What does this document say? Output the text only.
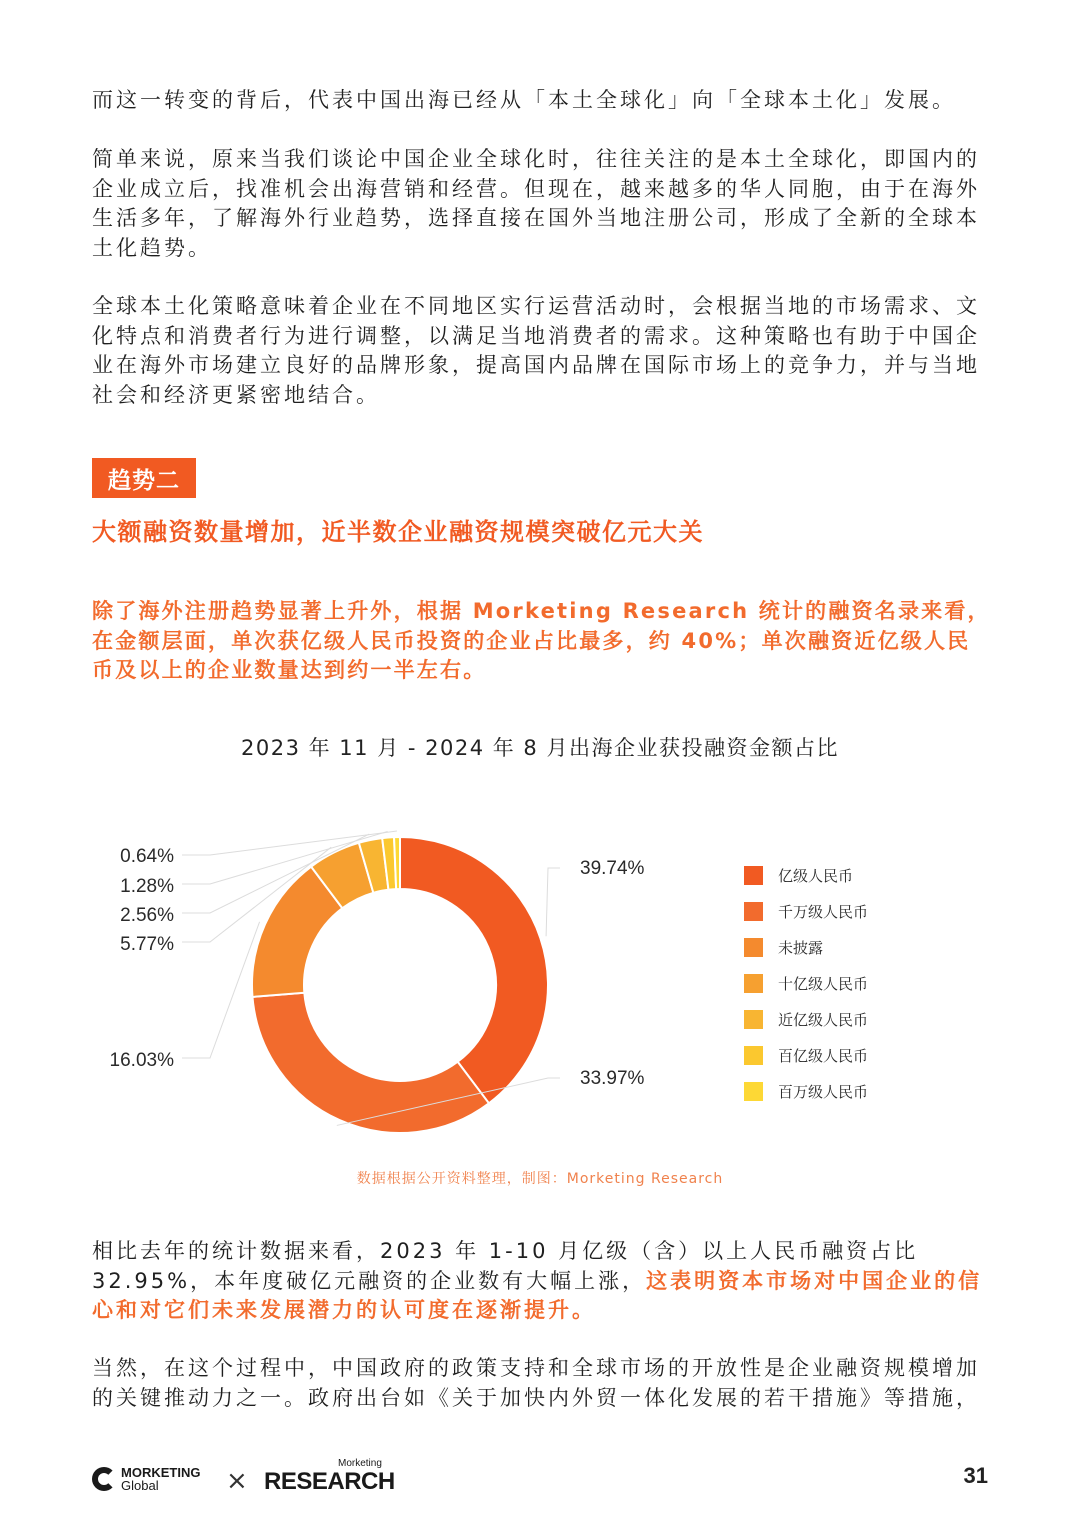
而这一转变的背后，代表中国出海已经从「本土全球化」向「全球本土化」发展。

简单来说，原来当我们谈论中国企业全球化时，往往关注的是本土全球化，即国内的企业成立后，找准机会出海营销和经营。但现在，越来越多的华人同胞，由于在海外生活多年，了解海外行业趋势，选择直接在国外当地注册公司，形成了全新的全球本土化趋势。

全球本土化策略意味着企业在不同地区实行运营活动时，会根据当地的市场需求、文化特点和消费者行为进行调整，以满足当地消费者的需求。这种策略也有助于中国企业在海外市场建立良好的品牌形象，提高国内品牌在国际市场上的竞争力，并与当地社会和经济更紧密地结合。

趋势二
大额融资数量增加，近半数企业融资规模突破亿元大关

除了海外注册趋势显著上升外，根据 Morketing Research 统计的融资名录来看，在金额层面，单次获亿级人民币投资的企业占比最多，约 40%；单次融资近亿级人民币及以上的企业数量达到约一半左右。

2023 年 11 月 - 2024 年 8 月出海企业获投融资金额占比

39.74%
33.97%
16.03%
5.77%
2.56%
1.28%
0.64%
亿级人民币
千万级人民币
未披露
十亿级人民币
近亿级人民币
百亿级人民币
百万级人民币

数据根据公开资料整理，制图：Morketing Research

相比去年的统计数据来看，2023 年 1-10 月亿级（含）以上人民币融资占比 32.95%，本年度破亿元融资的企业数有大幅上涨，这表明资本市场对中国企业的信心和对它们未来发展潜力的认可度在逐渐提升。

当然，在这个过程中，中国政府的政策支持和全球市场的开放性是企业融资规模增加的关键推动力之一。政府出台如《关于加快内外贸一体化发展的若干措施》等措施，

MORKETING
Global	×
Morketing
RESEARCH	31
